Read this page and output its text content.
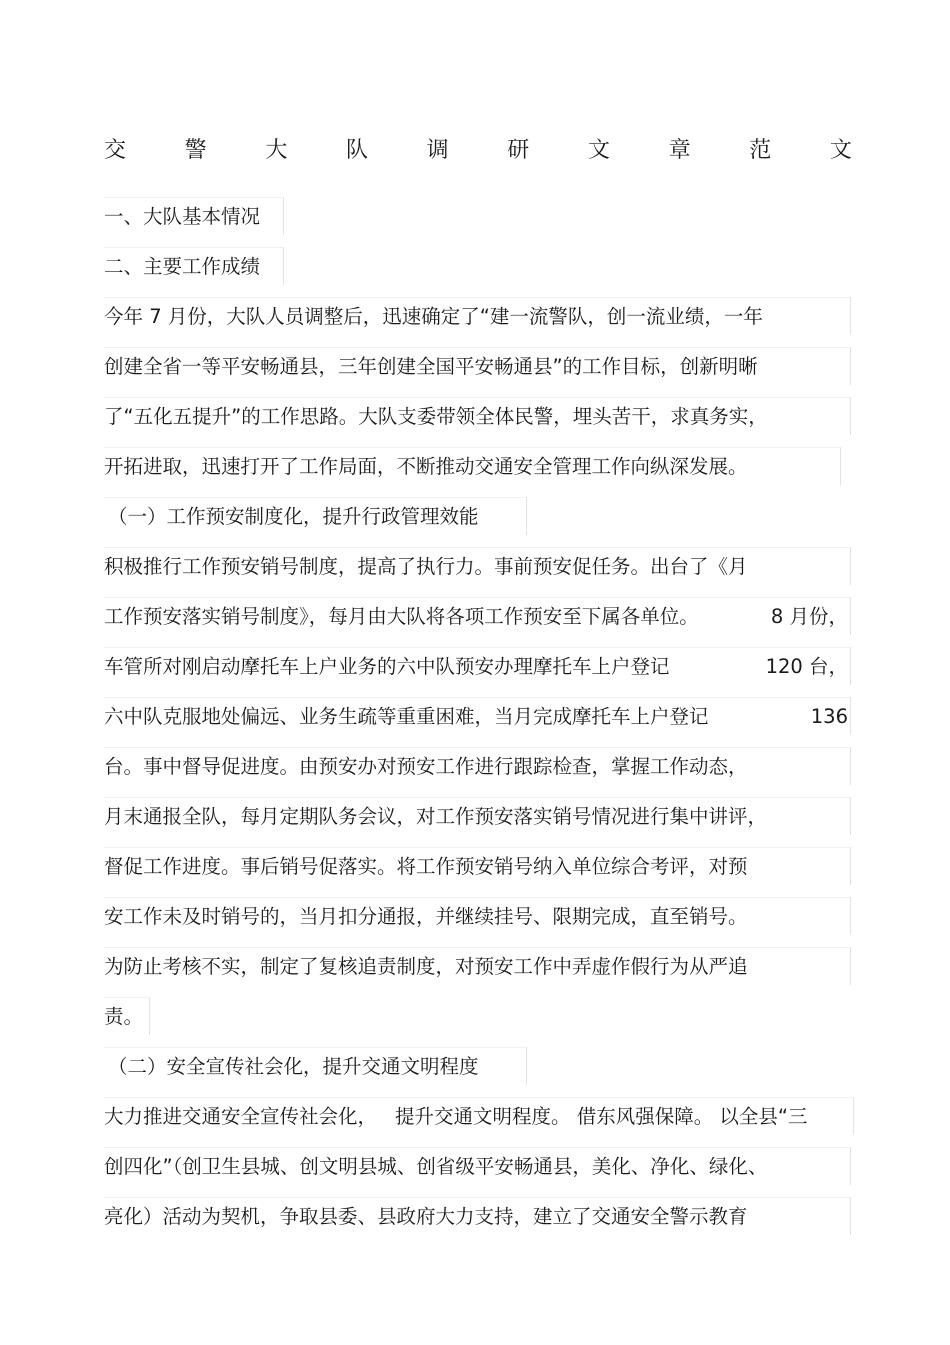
交	警	大	队	调	研	文	章	范	文
一、大队基本情况
二、主要工作成绩
今年 7 月份，大队人员调整后，迅速确定了“建一流警队，创一流业绩，一年
创建全省一等平安畅通县，三年创建全国平安畅通县”的工作目标，创新明晰
了“五化五提升”的工作思路。大队支委带领全体民警，埋头苦干，求真务实，
开拓进取，迅速打开了工作局面，不断推动交通安全管理工作向纵深发展。
（一）工作预安制度化，提升行政管理效能
积极推行工作预安销号制度，提高了执行力。事前预安促任务。出台了《月
工作预安落实销号制度》，每月由大队将各项工作预安至下属各单位。	8 月份，
车管所对刚启动摩托车上户业务的六中队预安办理摩托车上户登记	120 台，
六中队克服地处偏远、业务生疏等重重困难，当月完成摩托车上户登记	136
台。事中督导促进度。由预安办对预安工作进行跟踪检查，掌握工作动态，
月末通报全队，每月定期队务会议，对工作预安落实销号情况进行集中讲评，
督促工作进度。事后销号促落实。将工作预安销号纳入单位综合考评，对预
安工作未及时销号的，当月扣分通报，并继续挂号、限期完成，直至销号。
为防止考核不实，制定了复核追责制度，对预安工作中弄虚作假行为从严追
责。
（二）安全宣传社会化，提升交通文明程度
大力推进交通安全宣传社会化， 提升交通文明程度。 借东风强保障。 以全县“三
创四化”（创卫生县城、创文明县城、创省级平安畅通县，美化、净化、绿化、
亮化）活动为契机，争取县委、县政府大力支持，建立了交通安全警示教育
